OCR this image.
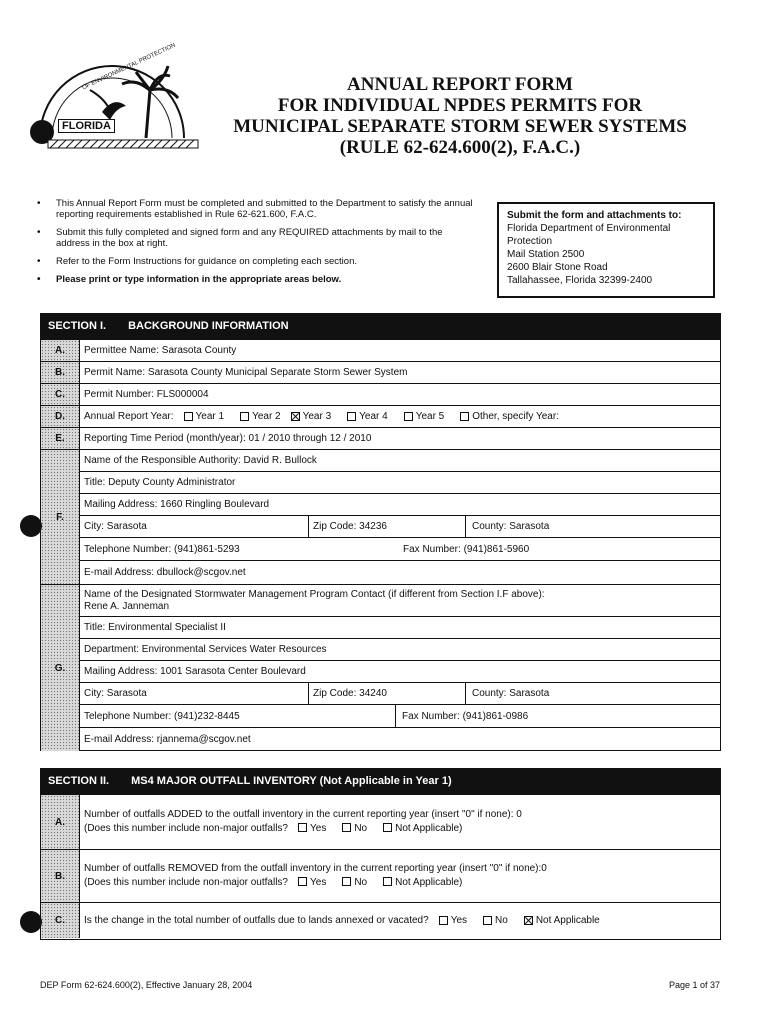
FLORIDA
OF ENVIRONMENTAL PROTECTION	ANNUAL REPORT FORM
FOR INDIVIDUAL NPDES PERMITS FOR
MUNICIPAL SEPARATE STORM SEWER SYSTEMS
(RULE 62-624.600(2), F.A.C.)
• This Annual Report Form must be completed and submitted to the Department to satisfy the annual reporting requirements established in Rule 62-621.600, F.A.C.
• Submit this fully completed and signed form and any REQUIRED attachments by mail to the address in the box at right.
• Refer to the Form Instructions for guidance on completing each section.
• Please print or type information in the appropriate areas below.
Submit the form and attachments to:
Florida Department of Environmental
Protection
Mail Station 2500
2600 Blair Stone Road
Tallahassee, Florida 32399-2400
SECTION I. BACKGROUND INFORMATION
A.	Permittee Name: Sarasota County
B.	Permit Name: Sarasota County Municipal Separate Storm Sewer System
C.	Permit Number: FLS000004
D.	Annual Report Year: Year 1	Year 2 Year 3	Year 4	Year 5	Other, specify Year:
E.	Reporting Time Period (month/year): 01 / 2010 through 12 / 2010
F.
Name of the Responsible Authority: David R. Bullock
Title: Deputy County Administrator
Mailing Address: 1660 Ringling Boulevard
City: Sarasota	Zip Code: 34236	County: Sarasota
Telephone Number: (941)861-5293	Fax Number: (941)861-5960
E-mail Address: dbullock@scgov.net
G.
Name of the Designated Stormwater Management Program Contact (if different from Section I.F above):
Rene A. Janneman
Title: Environmental Specialist II
Department: Environmental Services Water Resources
Mailing Address: 1001 Sarasota Center Boulevard
City: Sarasota	Zip Code: 34240	County: Sarasota
Telephone Number: (941)232-8445	Fax Number: (941)861-0986
E-mail Address: rjannema@scgov.net
SECTION II. MS4 MAJOR OUTFALL INVENTORY (Not Applicable in Year 1)
A.
Number of outfalls ADDED to the outfall inventory in the current reporting year (insert "0" if none): 0
(Does this number include non-major outfalls? Yes	No	Not Applicable)
B.
Number of outfalls REMOVED from the outfall inventory in the current reporting year (insert "0" if none):0
(Does this number include non-major outfalls? Yes	No	Not Applicable)
C.	Is the change in the total number of outfalls due to lands annexed or vacated? Yes	No	Not Applicable
DEP Form 62-624.600(2), Effective January 28, 2004	Page 1 of 37
